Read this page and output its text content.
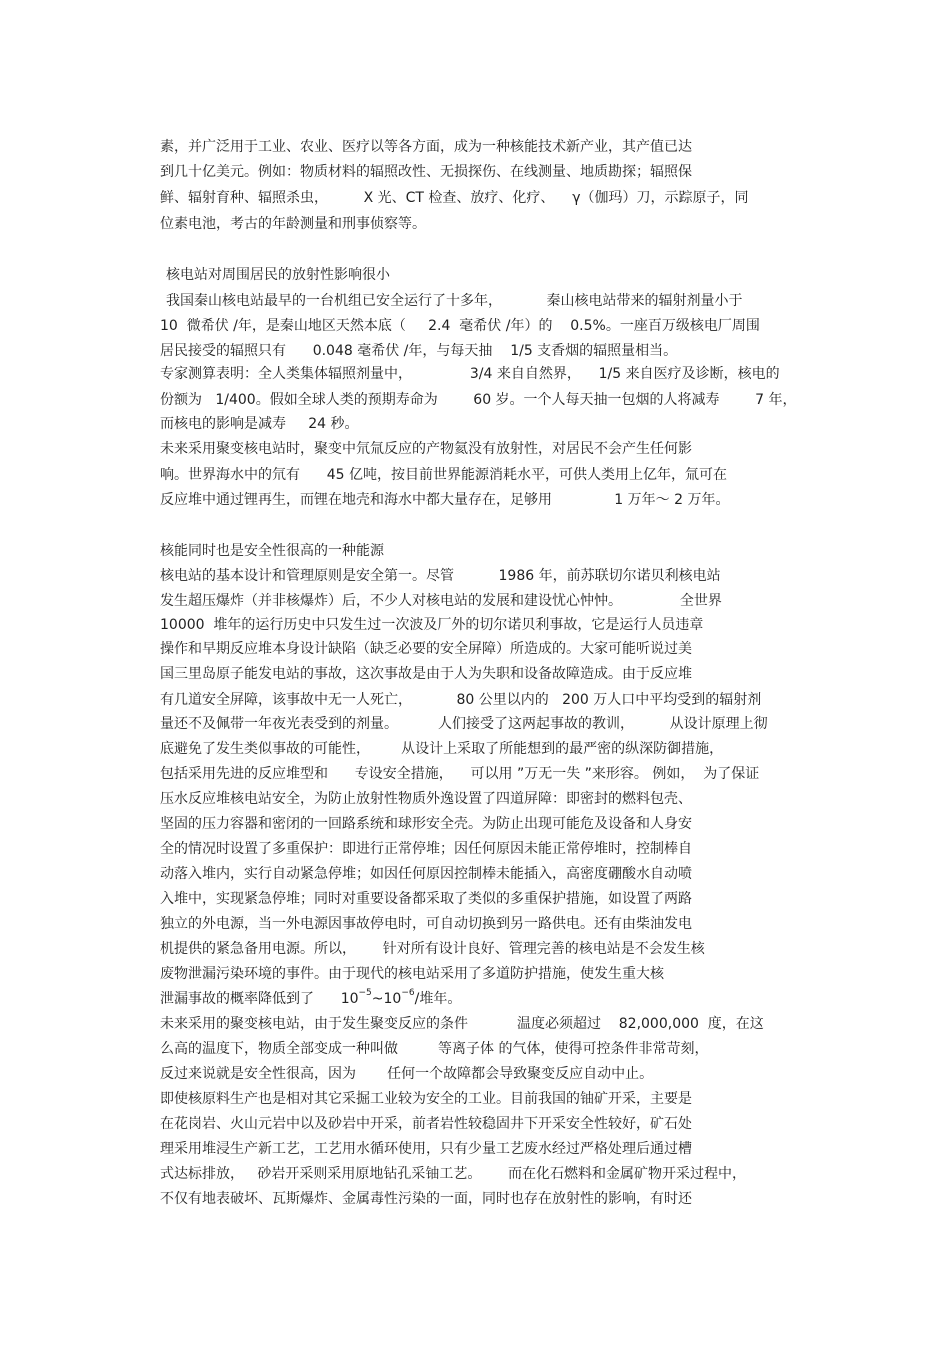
素，并广泛用于工业、农业、医疗以等各方面，成为一种核能技术新产业，其产值已达
到几十亿美元。例如：物质材料的辐照改性、无损探伤、在线测量、地质勘探；辐照保
鲜、辐射育种、辐照杀虫，        X 光、CT 检查、放疗、化疗、    γ（伽玛）刀，示踪原子，同
位素电池，考古的年龄测量和刑事侦察等。
核电站对周围居民的放射性影响很小
我国秦山核电站最早的一台机组已安全运行了十多年，          秦山核电站带来的辐射剂量小于
10  微希伏 /年，是秦山地区天然本底（     2.4  毫希伏 /年）的    0.5%。一座百万级核电厂周围
居民接受的辐照只有      0.048 毫希伏 /年，与每天抽    1/5 支香烟的辐照量相当。
专家测算表明：全人类集体辐照剂量中，             3/4 来自自然界，    1/5 来自医疗及诊断，核电的
份额为   1/400。假如全球人类的预期寿命为        60 岁。一个人每天抽一包烟的人将减寿        7 年，
而核电的影响是减寿     24 秒。
未来采用聚变核电站时，聚变中氘氚反应的产物氦没有放射性，对居民不会产生任何影
响。世界海水中的氘有      45 亿吨，按目前世界能源消耗水平，可供人类用上亿年，氚可在
反应堆中通过锂再生，而锂在地壳和海水中都大量存在，足够用              1 万年～ 2 万年。
核能同时也是安全性很高的一种能源
核电站的基本设计和管理原则是安全第一。尽管          1986 年，前苏联切尔诺贝利核电站
发生超压爆炸（并非核爆炸）后，不少人对核电站的发展和建设忧心忡忡。             全世界
10000  堆年的运行历史中只发生过一次波及厂外的切尔诺贝利事故，它是运行人员违章
操作和早期反应堆本身设计缺陷（缺乏必要的安全屏障）所造成的。大家可能听说过美
国三里岛原子能发电站的事故，这次事故是由于人为失职和设备故障造成。由于反应堆
有几道安全屏障，该事故中无一人死亡，          80 公里以内的   200 万人口中平均受到的辐射剂
量还不及佩带一年夜光表受到的剂量。         人们接受了这两起事故的教训，        从设计原理上彻
底避免了发生类似事故的可能性，       从设计上采取了所能想到的最严密的纵深防御措施，
包括采用先进的反应堆型和      专设安全措施，    可以用 ”万无一失 ”来形容。 例如，  为了保证
压水反应堆核电站安全，为防止放射性物质外逸设置了四道屏障：即密封的燃料包壳、
坚固的压力容器和密闭的一回路系统和球形安全壳。为防止出现可能危及设备和人身安
全的情况时设置了多重保护：即进行正常停堆；因任何原因未能正常停堆时，控制棒自
动落入堆内，实行自动紧急停堆；如因任何原因控制棒未能插入，高密度硼酸水自动喷
入堆中，实现紧急停堆；同时对重要设备都采取了类似的多重保护措施，如设置了两路
独立的外电源，当一外电源因事故停电时，可自动切换到另一路供电。还有由柴油发电
机提供的紧急备用电源。所以，      针对所有设计良好、管理完善的核电站是不会发生核
废物泄漏污染环境的事件。由于现代的核电站采用了多道防护措施，使发生重大核
泄漏事故的概率降低到了      $10^{-5}\sim 10^{-6}/$堆年。
未来采用的聚变核电站，由于发生聚变反应的条件           温度必须超过    82,000,000  度，在这
么高的温度下，物质全部变成一种叫做         等离子体 的气体，使得可控条件非常苛刻，
反过来说就是安全性很高，因为       任何一个故障都会导致聚变反应自动中止。
即使核原料生产也是相对其它采掘工业较为安全的工业。目前我国的铀矿开采，主要是
在花岗岩、火山元岩中以及砂岩中开采，前者岩性较稳固井下开采安全性较好，矿石处
理采用堆浸生产新工艺，工艺用水循环使用，只有少量工艺废水经过严格处理后通过槽
式达标排放，   砂岩开采则采用原地钻孔采铀工艺。      而在化石燃料和金属矿物开采过程中，
不仅有地表破坏、瓦斯爆炸、金属毒性污染的一面，同时也存在放射性的影响，有时还
